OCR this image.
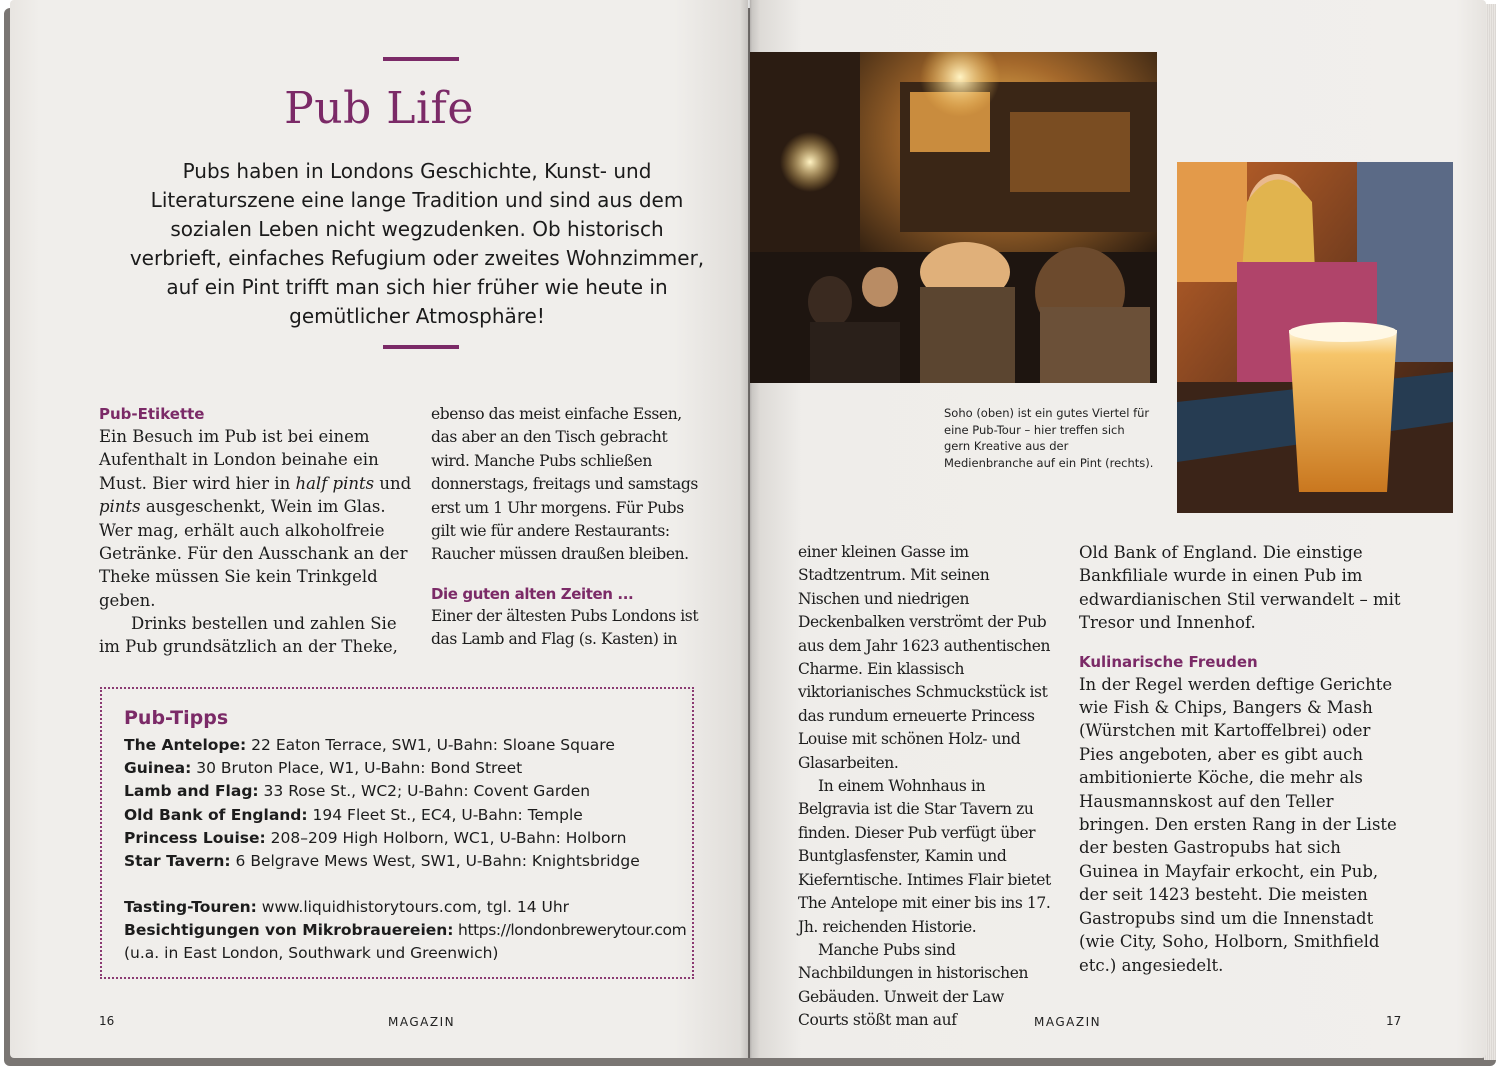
Pub Life
Pubs haben in Londons Geschichte, Kunst- und Literaturszene eine lange Tradition und sind aus dem sozialen Leben nicht wegzudenken. Ob historisch verbrieft, einfaches Refugium oder zweites Wohnzimmer, auf ein Pint trifft man sich hier früher wie heute in gemütlicher Atmosphäre!
Pub-Etikette

Ein Besuch im Pub ist bei einem Aufenthalt in London beinahe ein Must. Bier wird hier in half pints und pints ausgeschenkt, Wein im Glas. Wer mag, erhält auch alkoholfreie Getränke. Für den Ausschank an der Theke müssen Sie kein Trinkgeld geben.

Drinks bestellen und zahlen Sie im Pub grundsätzlich an der Theke,

ebenso das meist einfache Essen, das aber an den Tisch gebracht wird. Manche Pubs schließen donnerstags, freitags und samstags erst um 1 Uhr morgens. Für Pubs gilt wie für andere Restaurants: Raucher müssen draußen bleiben.

Die guten alten Zeiten ...

Einer der ältesten Pubs Londons ist das Lamb and Flag (s. Kasten) in

16	MAGAZIN
Pub-Tipps
The Antelope: 22 Eaton Terrace, SW1, U-Bahn: Sloane Square
Guinea: 30 Bruton Place, W1, U-Bahn: Bond Street
Lamb and Flag: 33 Rose St., WC2; U-Bahn: Covent Garden
Old Bank of England: 194 Fleet St., EC4, U-Bahn: Temple
Princess Louise: 208–209 High Holborn, WC1, U-Bahn: Holborn
Star Tavern: 6 Belgrave Mews West, SW1, U-Bahn: Knightsbridge
Tasting-Touren: www.liquidhistorytours.com, tgl. 14 Uhr
Besichtigungen von Mikrobrauereien: https://londonbrewerytour.com
(u.a. in East London, Southwark und Greenwich)
Soho (oben) ist ein gutes Viertel für eine Pub-Tour – hier treffen sich gern Kreative aus der Medienbranche auf ein Pint (rechts).

einer kleinen Gasse im Stadtzentrum. Mit seinen Nischen und niedrigen Deckenbalken verströmt der Pub aus dem Jahr 1623 authentischen Charme. Ein klassisch viktorianisches Schmuckstück ist das rundum erneuerte Princess Louise mit schönen Holz- und Glasarbeiten.

In einem Wohnhaus in Belgravia ist die Star Tavern zu finden. Dieser Pub verfügt über Buntglasfenster, Kamin und Kieferntische. Intimes Flair bietet The Antelope mit einer bis ins 17. Jh. reichenden Historie.

Manche Pubs sind Nachbildungen in historischen Gebäuden. Unweit der Law Courts stößt man auf

Old Bank of England. Die einstige Bankfiliale wurde in einen Pub im edwardianischen Stil verwandelt – mit Tresor und Innenhof.

Kulinarische Freuden

In der Regel werden deftige Gerichte wie Fish & Chips, Bangers & Mash (Würstchen mit Kartoffelbrei) oder Pies angeboten, aber es gibt auch ambitionierte Köche, die mehr als Hausmannskost auf den Teller bringen. Den ersten Rang in der Liste der besten Gastropubs hat sich Guinea in Mayfair erkocht, ein Pub, der seit 1423 besteht. Die meisten Gastropubs sind um die Innenstadt (wie City, Soho, Holborn, Smithfield etc.) angesiedelt.

MAGAZIN	17
